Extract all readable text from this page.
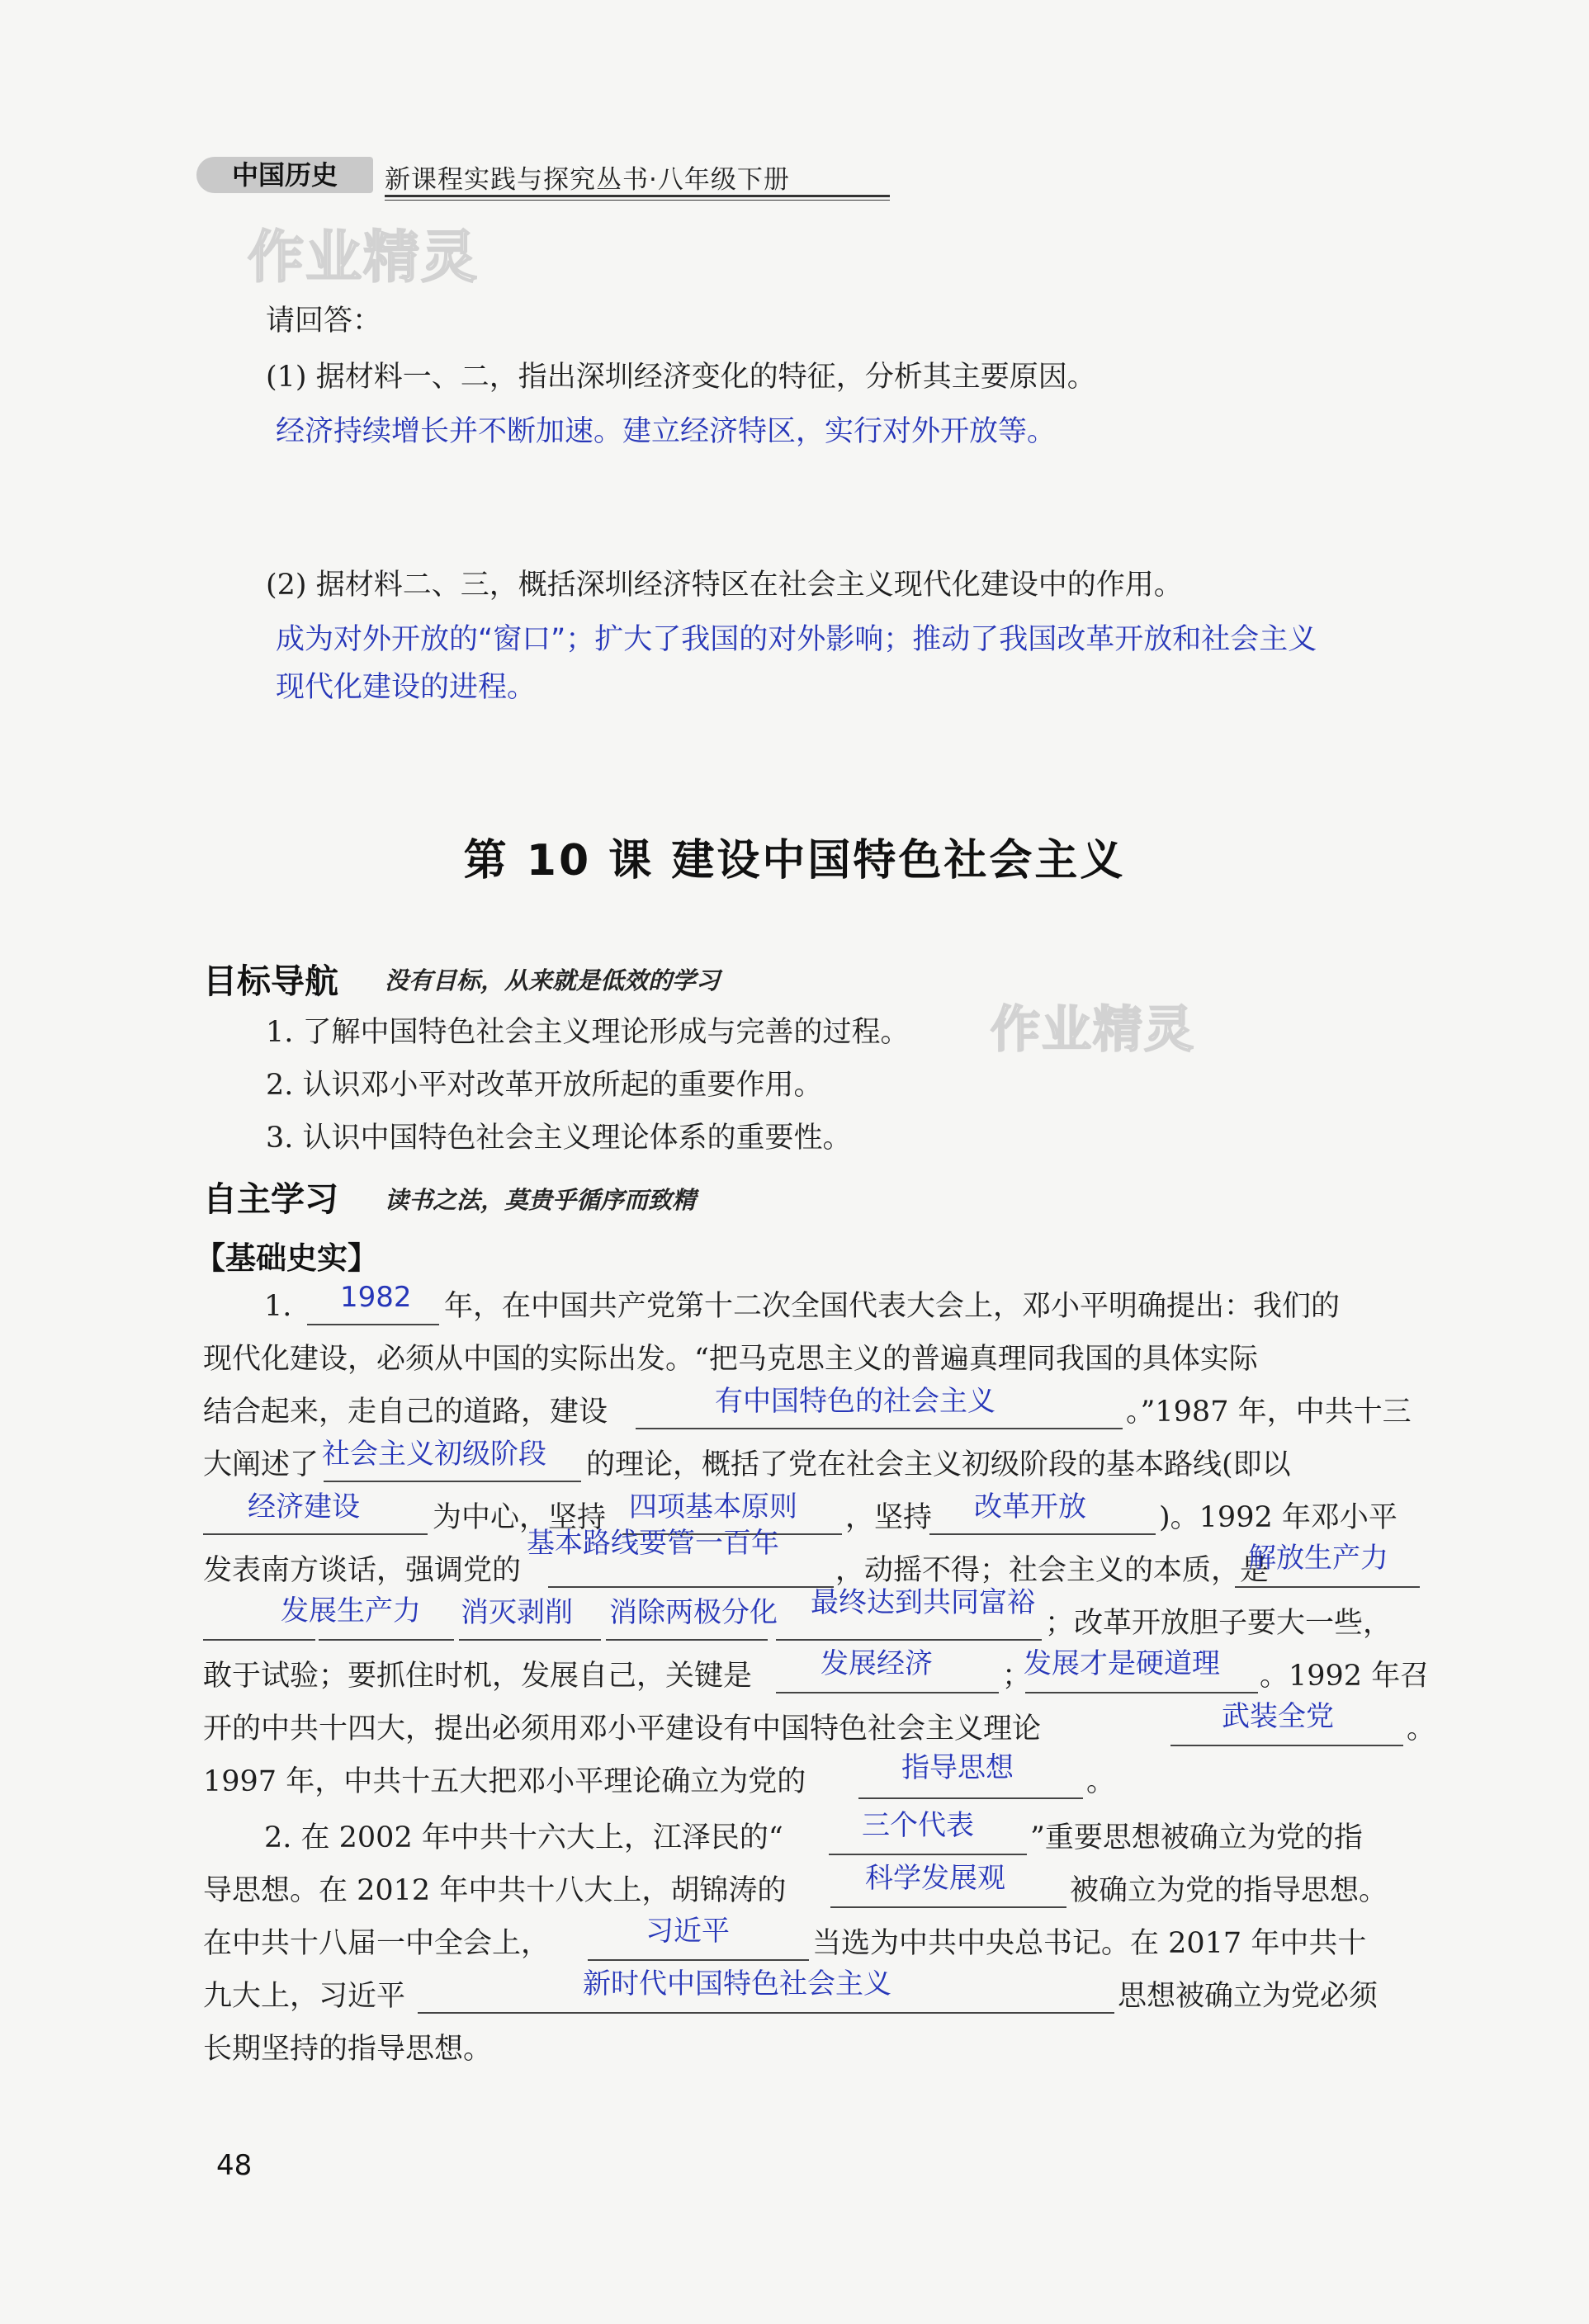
中国历史	新课程实践与探究丛书·八年级下册
作业精灵
请回答：
(1) 据材料一、二，指出深圳经济变化的特征，分析其主要原因。
经济持续增长并不断加速。建立经济特区，实行对外开放等。
(2) 据材料二、三，概括深圳经济特区在社会主义现代化建设中的作用。
成为对外开放的“窗口”；扩大了我国的对外影响；推动了我国改革开放和社会主义
现代化建设的进程。
第 10 课 建设中国特色社会主义
目标导航 没有目标，从来就是低效的学习
1. 了解中国特色社会主义理论形成与完善的过程。
2. 认识邓小平对改革开放所起的重要作用。
3. 认识中国特色社会主义理论体系的重要性。
作业精灵
自主学习 读书之法，莫贵乎循序而致精
【基础史实】
1. 1982 年，在中国共产党第十二次全国代表大会上，邓小平明确提出：我们的
现代化建设，必须从中国的实际出发。“把马克思主义的普遍真理同我国的具体实际
结合起来，走自己的道路，建设	有中国特色的社会主义	。”1987 年，中共十三
大阐述了 社会主义初级阶段 的理论，概括了党在社会主义初级阶段的基本路线(即以
经济建设	为中心，坚持 四项基本原则 ，坚持 改革开放	)。1992 年邓小平
发表南方谈话，强调党的
基本路线要管一百年
，动摇不得；社会主义的本质，是
解放生产力
发展生产力 消灭剥削 消除两极分化 最终达到共同富裕
；改革开放胆子要大一些，
敢于试验；要抓住时机，发展自己，关键是 发展经济 ；
发展才是硬道理 。1992 年召
开的中共十四大，提出必须用邓小平建设有中国特色社会主义理论	武装全党	。
1997 年，中共十五大把邓小平理论确立为党的	指导思想	。
2. 在 2002 年中共十六大上，江泽民的“	三个代表 ”重要思想被确立为党的指
导思想。在 2012 年中共十八大上，胡锦涛的	科学发展观 被确立为党的指导思想。
在中共十八届一中全会上，	习近平	当选为中共中央总书记。在 2017 年中共十
九大上，习近平	新时代中国特色社会主义	思想被确立为党必须
长期坚持的指导思想。
48
